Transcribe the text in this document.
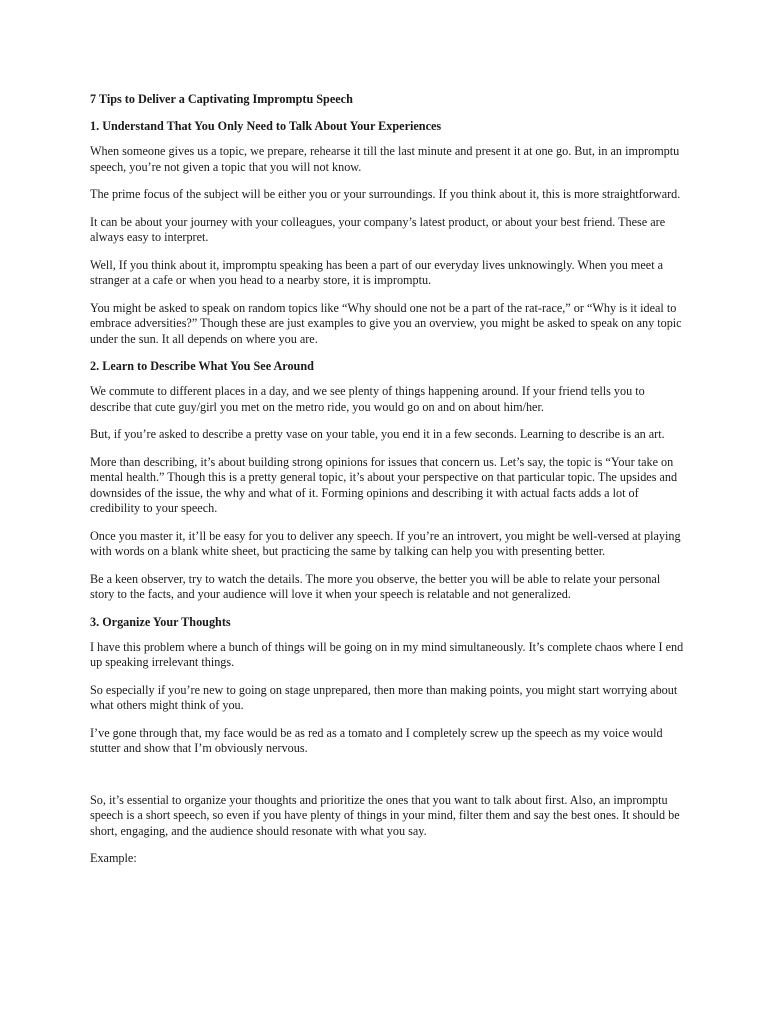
7 Tips to Deliver a Captivating Impromptu Speech

1. Understand That You Only Need to Talk About Your Experiences

When someone gives us a topic, we prepare, rehearse it till the last minute and present it at one go. But, in an impromptu speech, you’re not given a topic that you will not know.

The prime focus of the subject will be either you or your surroundings. If you think about it, this is more straightforward.

It can be about your journey with your colleagues, your company’s latest product, or about your best friend. These are always easy to interpret.

Well, If you think about it, impromptu speaking has been a part of our everyday lives unknowingly. When you meet a stranger at a cafe or when you head to a nearby store, it is impromptu.

You might be asked to speak on random topics like “Why should one not be a part of the rat-race,” or “Why is it ideal to embrace adversities?” Though these are just examples to give you an overview, you might be asked to speak on any topic under the sun. It all depends on where you are.

2. Learn to Describe What You See Around

We commute to different places in a day, and we see plenty of things happening around. If your friend tells you to describe that cute guy/girl you met on the metro ride, you would go on and on about him/her.

But, if you’re asked to describe a pretty vase on your table, you end it in a few seconds. Learning to describe is an art.

More than describing, it’s about building strong opinions for issues that concern us. Let’s say, the topic is “Your take on mental health.” Though this is a pretty general topic, it’s about your perspective on that particular topic. The upsides and downsides of the issue, the why and what of it. Forming opinions and describing it with actual facts adds a lot of credibility to your speech.

Once you master it, it’ll be easy for you to deliver any speech. If you’re an introvert, you might be well-versed at playing with words on a blank white sheet, but practicing the same by talking can help you with presenting better.

Be a keen observer, try to watch the details. The more you observe, the better you will be able to relate your personal story to the facts, and your audience will love it when your speech is relatable and not generalized.

3. Organize Your Thoughts

I have this problem where a bunch of things will be going on in my mind simultaneously. It’s complete chaos where I end up speaking irrelevant things.

So especially if you’re new to going on stage unprepared, then more than making points, you might start worrying about what others might think of you.

I’ve gone through that, my face would be as red as a tomato and I completely screw up the speech as my voice would stutter and show that I’m obviously nervous.

So, it’s essential to organize your thoughts and prioritize the ones that you want to talk about first. Also, an impromptu speech is a short speech, so even if you have plenty of things in your mind, filter them and say the best ones. It should be short, engaging, and the audience should resonate with what you say.

Example:
